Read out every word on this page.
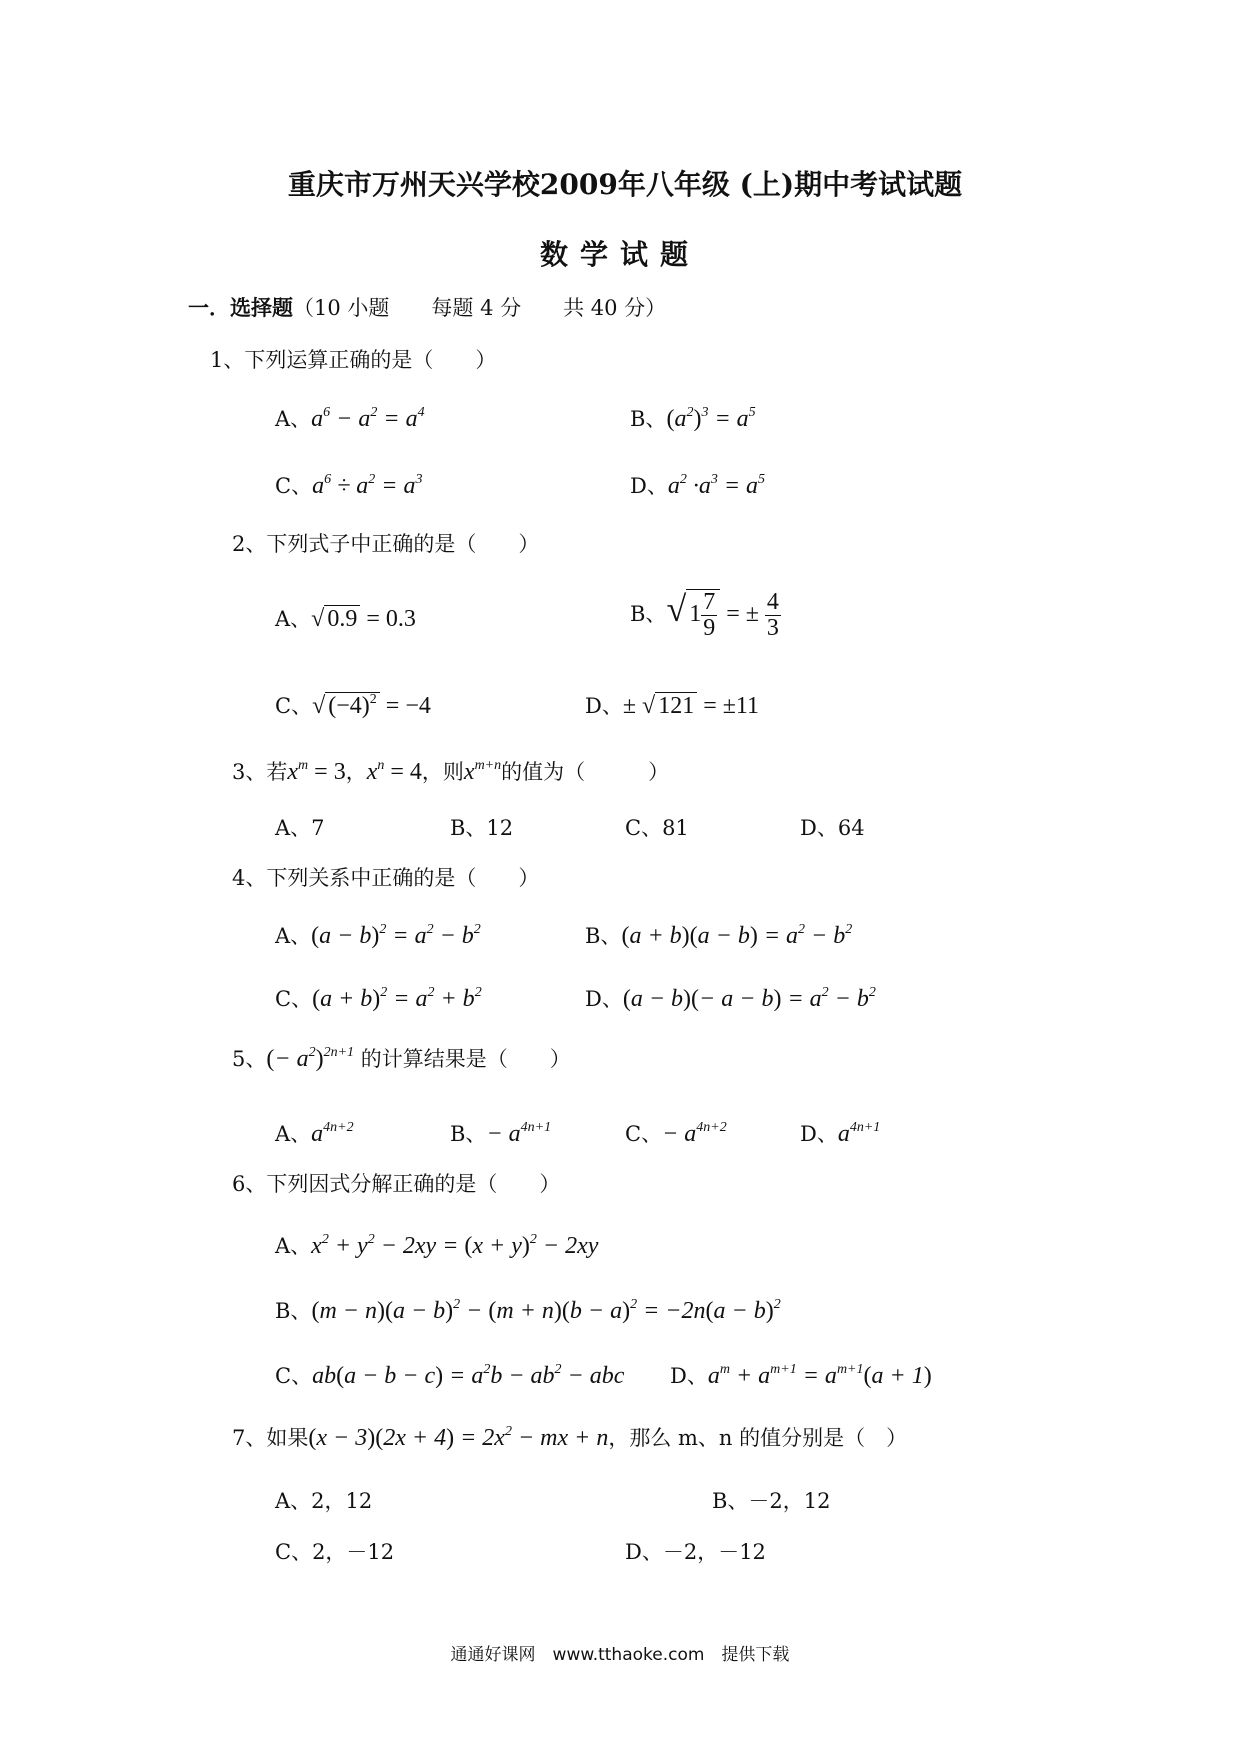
重庆市万州天兴学校2009年八年级 (上)期中考试试题
数学试题
一．选择题（10 小题　　每题 4 分　　共 40 分）
1、下列运算正确的是（　　）
A、$a^6 - a^2 = a^4$	B、$(a^2)^3 = a^5$
C、$a^6 \div a^2 = a^3$	D、$a^2 \cdot a^3 = a^5$
2、下列式子中正确的是（　　）
A、√ 0.9 = 0.3	B、√ $1 \frac{7}{9}$ = ± $\frac{4}{3}$
C、√ $(-4)^2 = -4$	D、± √ 121 = ±11
3、若$x^m = 3$，$x^n = 4$，则$x^{m+n}$的值为（　　　）
A、7	B、12	C、81	D、64
4、下列关系中正确的是（　　）
A、$(a - b)^2 = a^2 - b^2$	B、$(a + b)(a - b) = a^2 - b^2$
C、$(a + b)^2 = a^2 + b^2$	D、$(a - b)(- a - b) = a^2 - b^2$
5、(− $a^2)^{2n+1}$ 的计算结果是（　　）
A、$a^{4n+2}$	B、− $a^{4n+1}$	C、− $a^{4n+2}$	D、$a^{4n+1}$
6、下列因式分解正确的是（　　）
A、$x^2 + y^2 - 2xy = (x + y)^2 - 2xy$
B、$(m - n)(a - b)^2 - (m + n)(b - a)^2 = -2n(a - b)^2$
C、$ab(a - b - c) = a^2b - ab^2$ − abc D、$a^m + a^{m+1} = a^{m+1}(a + 1)$
7、如果$(x - 3)(2x + 4) = 2x^2$ − mx + n，那么 m、n 的值分别是（　）
A、2，12	B、－2，12
C、2，－12	D、－2，－12
通通好课网　www.tthaoke.com　提供下载
